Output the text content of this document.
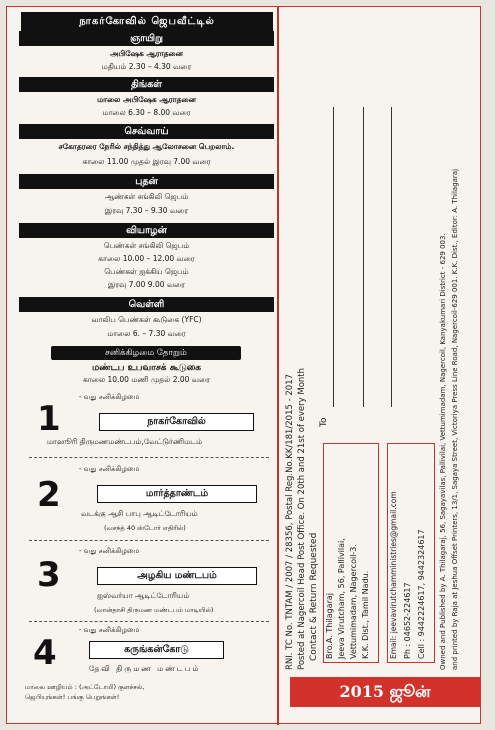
நாகர்கோவில் ஜெபவீட்டில்
ஞாயிறு
அபிஷேக ஆராதனை
மதியம் 2.30 – 4.30 வரை
திங்கள்
மாலை அபிஷேக ஆராதனை
மாலை 6.30 – 8.00 வரை
செவ்வாய்
சகோதரரை நேரில் சந்தித்து ஆலோசனை பெறலாம்.
காலை 11.00 முதல் இரவு 7.00 வரை
புதன்
ஆண்கள் சங்கிலி ஜெபம்
இரவு 7.30 – 9.30 வரை
வியாழன்
பெண்கள் சங்கிலி ஜெபம்
காலை 10.00 – 12.00 வரை
பெண்கள் ஐக்கிய ஜெபம்
இரவு 7.00 9.00 வரை
வெள்ளி
வாலிப பெண்கள் கூடுகை (YFC)
மாலை 6. – 7.30 வரை
சனிக்கிழமை தோறும்
மண்டப உபவாசக் கூடுகை
காலை 10.00 மணி முதல் 2.00 வரை
- வது சனிக்கிழமை
1	நாகர்கோவில்
மாஹூரி திருமணமண்டபம்,வேட்டுர்ணிமடம்
- வது சனிக்கிழமை
2	மார்த்தாண்டம்
வடக்கு ஆசி பாபு ஆடிட்டோரியம்
(வசந்த் 40 ஸ்டோர் எதிரில்)
- வது சனிக்கிழமை
3	அழகிய மண்டபம்
ஐஸ்வர்யா ஆடிட்டோரியம்
(வான்தாசி திருமண மண்டபம் மாடியில்)
- வது சனிக்கிழமை
4	கருங்கன்கோடு
தேவி திருமண மண்டபம்
மாலை ஊழியம் : (அட்டோமி) குளச்சல்,
ஜெபியுங்கள்! பங்கு பெறுங்கள்!
RNI. TC No. TNTAM / 2007 / 28356, Postal Reg.No.KK/181/2015 - 2017 Posted at Nagercoil Head Post Office. On 20th and 21st of every Month To
Contact & Return Requested Bro.A. Thilagaraj Jeeva Virutcham, 56, Pallivilai, Vettumimadam, Nagercoil-3. K.K. Dist., Tamil Nadu.	Email: jeevavirutchamministries@gmail.com Ph : 04652-224617 Cell : 9442224617, 9442324617 Owned and Published by A. Thilagaraj, 56, Sagayavilas, Pallivilai, Vettumimadam, Nagercoil, Kanyakumari District - 629 003. and printed by Raja at Jeshua Offset Printers, 13/1, Sagaya Street, Victoriya Press Line Road, Nagercoil-629 001. K.K. Dist., Editor: A. Thilagaraj
2015 ஜூன்
